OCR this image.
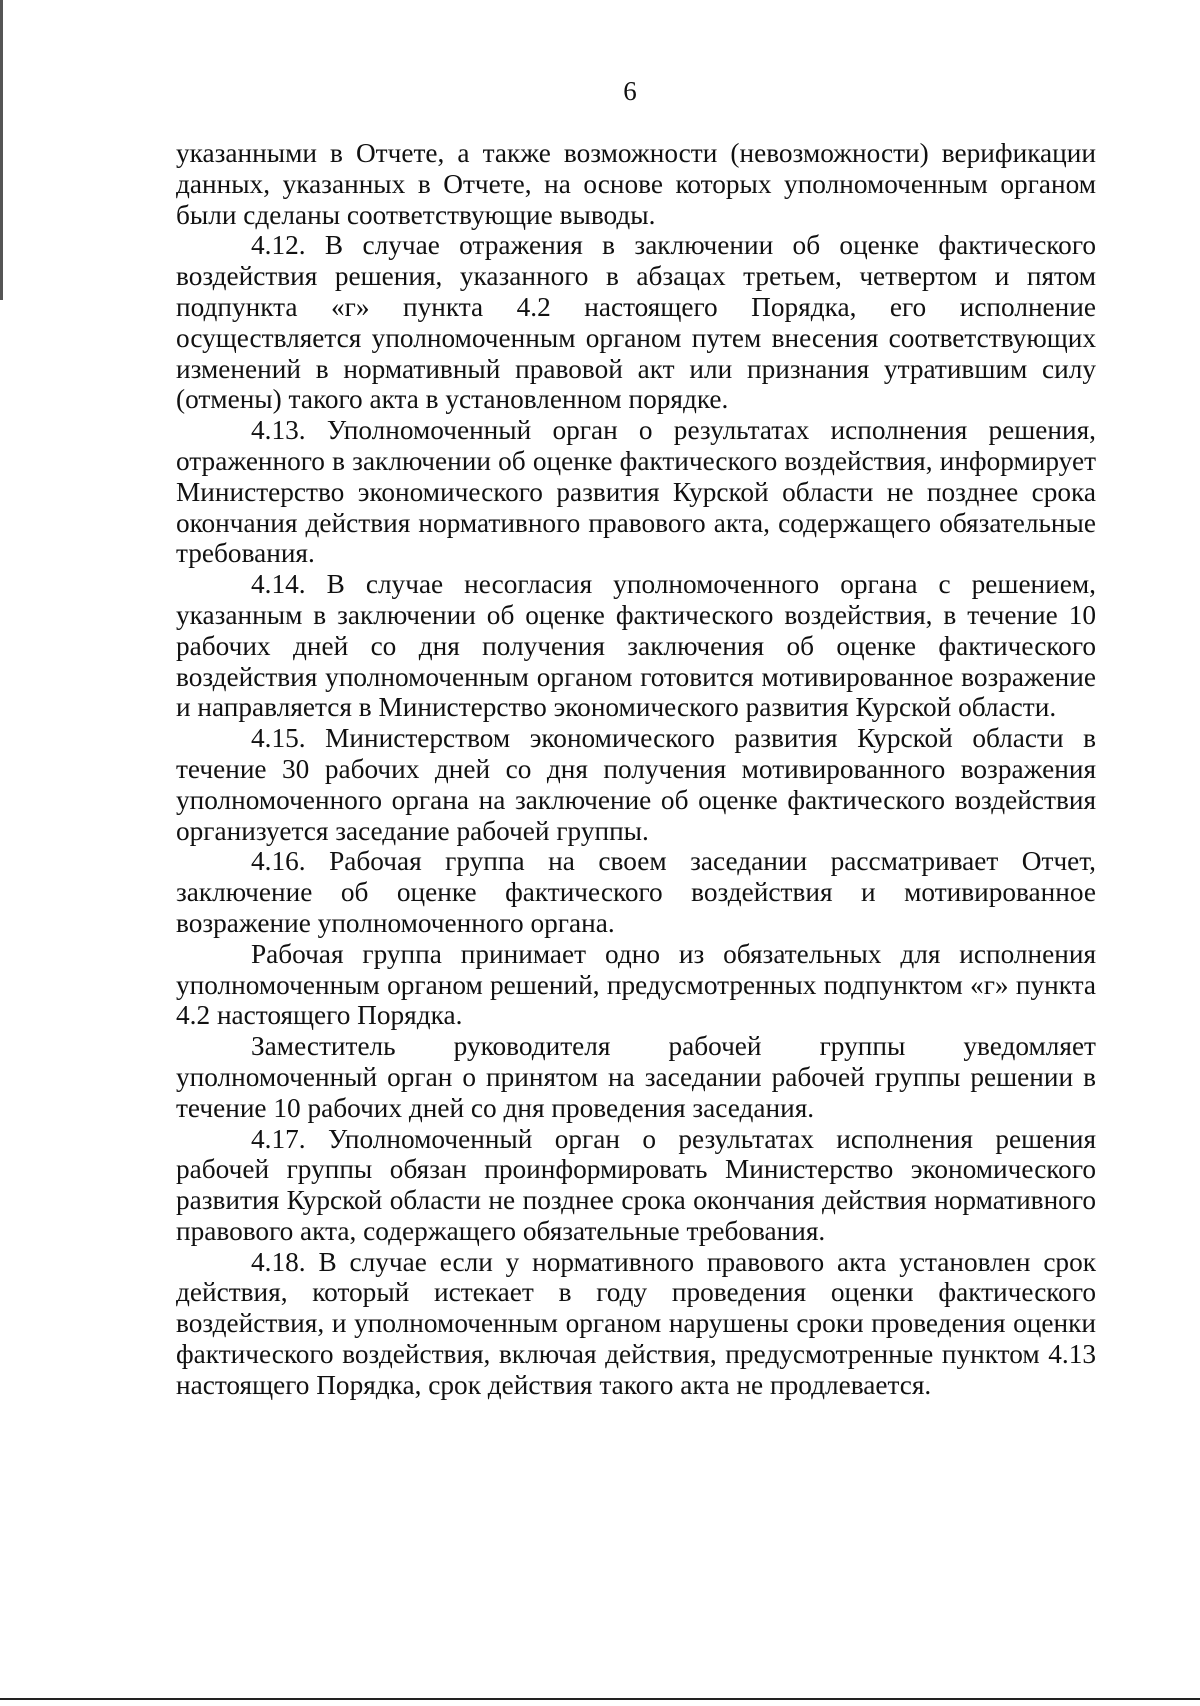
6

указанными в Отчете, а также возможности (невозможности) верификации данных, указанных в Отчете, на основе которых уполномоченным органом были сделаны соответствующие выводы.

4.12. В случае отражения в заключении об оценке фактического воздействия решения, указанного в абзацах третьем, четвертом и пятом подпункта «г» пункта 4.2 настоящего Порядка, его исполнение осуществляется уполномоченным органом путем внесения соответствующих изменений в нормативный правовой акт или признания утратившим силу (отмены) такого акта в установленном порядке.

4.13. Уполномоченный орган о результатах исполнения решения, отраженного в заключении об оценке фактического воздействия, информирует Министерство экономического развития Курской области не позднее срока окончания действия нормативного правового акта, содержащего обязательные требования.

4.14. В случае несогласия уполномоченного органа с решением, указанным в заключении об оценке фактического воздействия, в течение 10 рабочих дней со дня получения заключения об оценке фактического воздействия уполномоченным органом готовится мотивированное возражение и направляется в Министерство экономического развития Курской области.

4.15. Министерством экономического развития Курской области в течение 30 рабочих дней со дня получения мотивированного возражения уполномоченного органа на заключение об оценке фактического воздействия организуется заседание рабочей группы.

4.16. Рабочая группа на своем заседании рассматривает Отчет, заключение об оценке фактического воздействия и мотивированное возражение уполномоченного органа.

Рабочая группа принимает одно из обязательных для исполнения уполномоченным органом решений, предусмотренных подпунктом «г» пункта 4.2 настоящего Порядка.

Заместитель руководителя рабочей группы уведомляет уполномоченный орган о принятом на заседании рабочей группы решении в течение 10 рабочих дней со дня проведения заседания.

4.17. Уполномоченный орган о результатах исполнения решения рабочей группы обязан проинформировать Министерство экономического развития Курской области не позднее срока окончания действия нормативного правового акта, содержащего обязательные требования.

4.18. В случае если у нормативного правового акта установлен срок действия, который истекает в году проведения оценки фактического воздействия, и уполномоченным органом нарушены сроки проведения оценки фактического воздействия, включая действия, предусмотренные пунктом 4.13 настоящего Порядка, срок действия такого акта не продлевается.
